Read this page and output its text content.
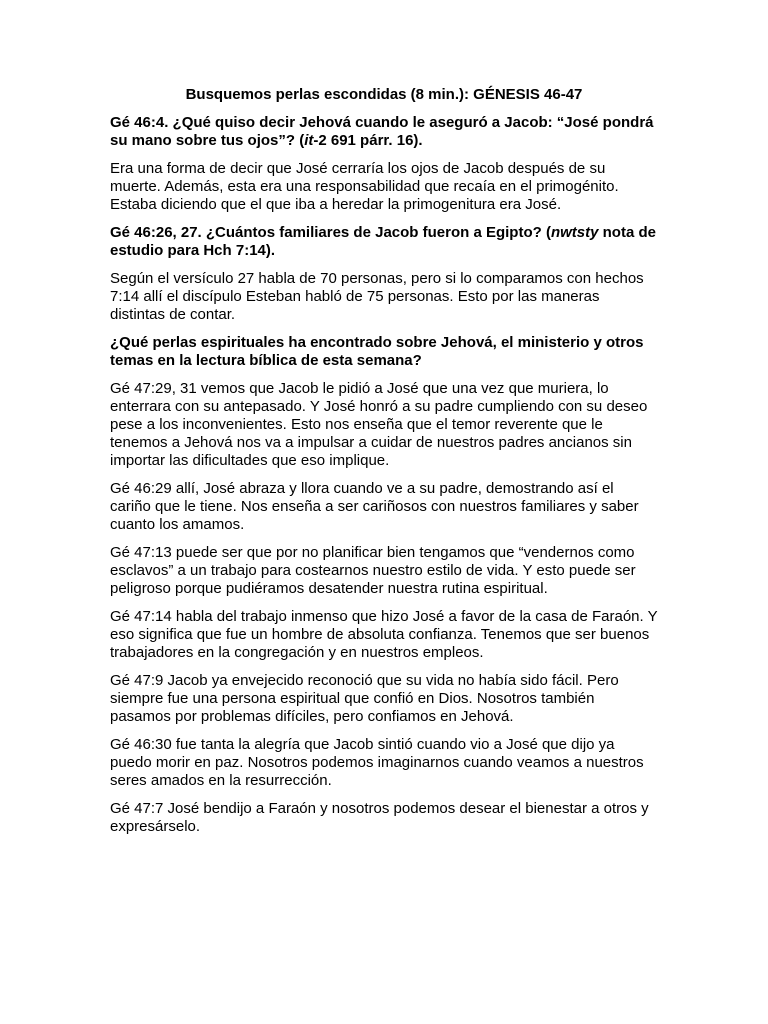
Busquemos perlas escondidas (8 min.): GÉNESIS 46-47
Gé 46:4. ¿Qué quiso decir Jehová cuando le aseguró a Jacob: “José pondrá su mano sobre tus ojos”? (it-2 691 párr. 16).
Era una forma de decir que José cerraría los ojos de Jacob después de su muerte. Además, esta era una responsabilidad que recaía en el primogénito. Estaba diciendo que el que iba a heredar la primogenitura era José.
Gé 46:26, 27. ¿Cuántos familiares de Jacob fueron a Egipto? (nwtsty nota de estudio para Hch 7:14).
Según el versículo 27 habla de 70 personas, pero si lo comparamos con hechos 7:14 allí el discípulo Esteban habló de 75 personas. Esto por las maneras distintas de contar.
¿Qué perlas espirituales ha encontrado sobre Jehová, el ministerio y otros temas en la lectura bíblica de esta semana?
Gé 47:29, 31 vemos que Jacob le pidió a José que una vez que muriera, lo enterrara con su antepasado. Y José honró a su padre cumpliendo con su deseo pese a los inconvenientes. Esto nos enseña que el temor reverente que le tenemos a Jehová nos va a impulsar a cuidar de nuestros padres ancianos sin importar las dificultades que eso implique.
Gé 46:29 allí, José abraza y llora cuando ve a su padre, demostrando así el cariño que le tiene. Nos enseña a ser cariñosos con nuestros familiares y saber cuanto los amamos.
Gé 47:13 puede ser que por no planificar bien tengamos que “vendernos como esclavos” a un trabajo para costearnos nuestro estilo de vida. Y esto puede ser peligroso porque pudiéramos desatender nuestra rutina espiritual.
Gé 47:14 habla del trabajo inmenso que hizo José a favor de la casa de Faraón. Y eso significa que fue un hombre de absoluta confianza. Tenemos que ser buenos trabajadores en la congregación y en nuestros empleos.
Gé 47:9 Jacob ya envejecido reconoció que su vida no había sido fácil. Pero siempre fue una persona espiritual que confió en Dios. Nosotros también pasamos por problemas difíciles, pero confiamos en Jehová.
Gé 46:30 fue tanta la alegría que Jacob sintió cuando vio a José que dijo ya puedo morir en paz. Nosotros podemos imaginarnos cuando veamos a nuestros seres amados en la resurrección.
Gé 47:7 José bendijo a Faraón y nosotros podemos desear el bienestar a otros y expresárselo.
